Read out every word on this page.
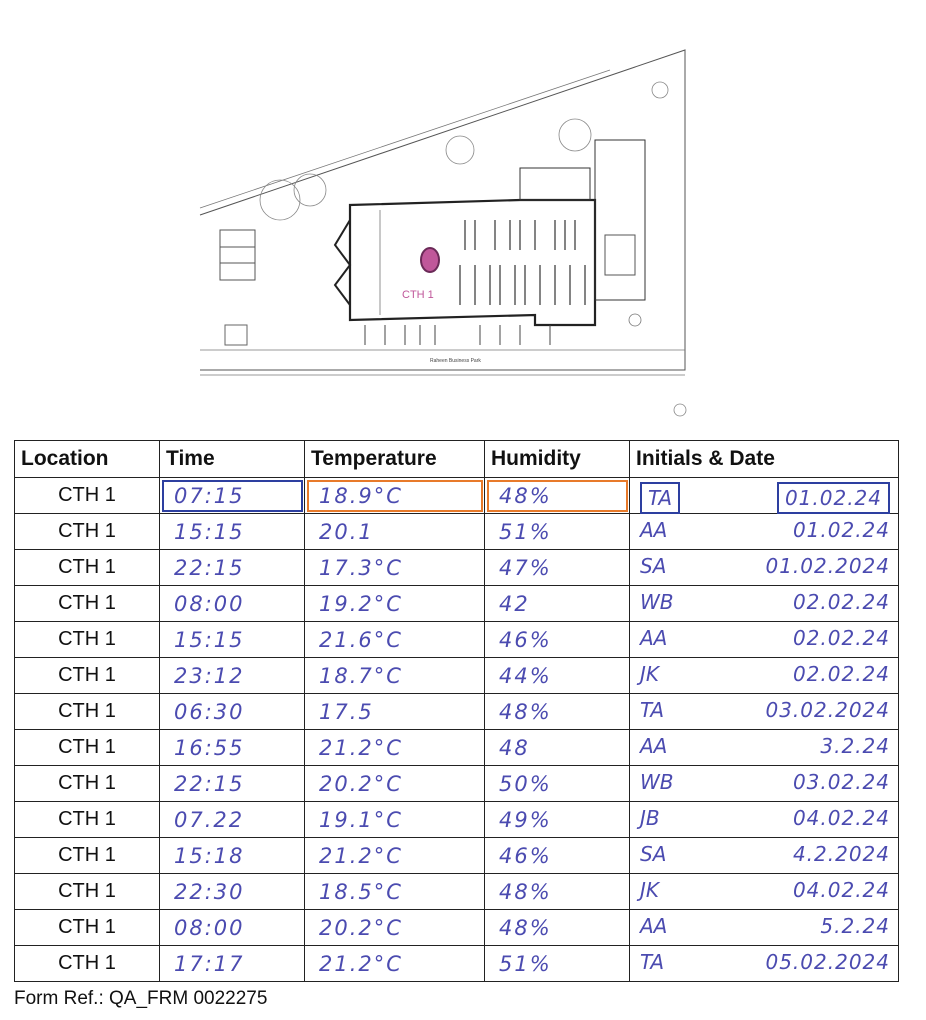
CTH 1
Raheen Business Park
Location	Time	Temperature	Humidity	Initials & Date
CTH 1	07:15	18.9°C	48%	TA 01.02.24

CTH 1	15:15	20.1	51%	AA 01.02.24

CTH 1	22:15	17.3°C	47%	SA 01.02.2024

CTH 1	08:00	19.2°C	42	WB 02.02.24

CTH 1	15:15	21.6°C	46%	AA 02.02.24

CTH 1	23:12	18.7°C	44%	JK 02.02.24

CTH 1	06:30	17.5	48%	TA 03.02.2024

CTH 1	16:55	21.2°C	48	AA 3.2.24

CTH 1	22:15	20.2°C	50%	WB 03.02.24

CTH 1	07.22	19.1°C	49%	JB 04.02.24

CTH 1	15:18	21.2°C	46%	SA 4.2.2024

CTH 1	22:30	18.5°C	48%	JK 04.02.24

CTH 1	08:00	20.2°C	48%	AA 5.2.24

CTH 1	17:17	21.2°C	51%	TA 05.02.2024
Form Ref.: QA_FRM 0022275
